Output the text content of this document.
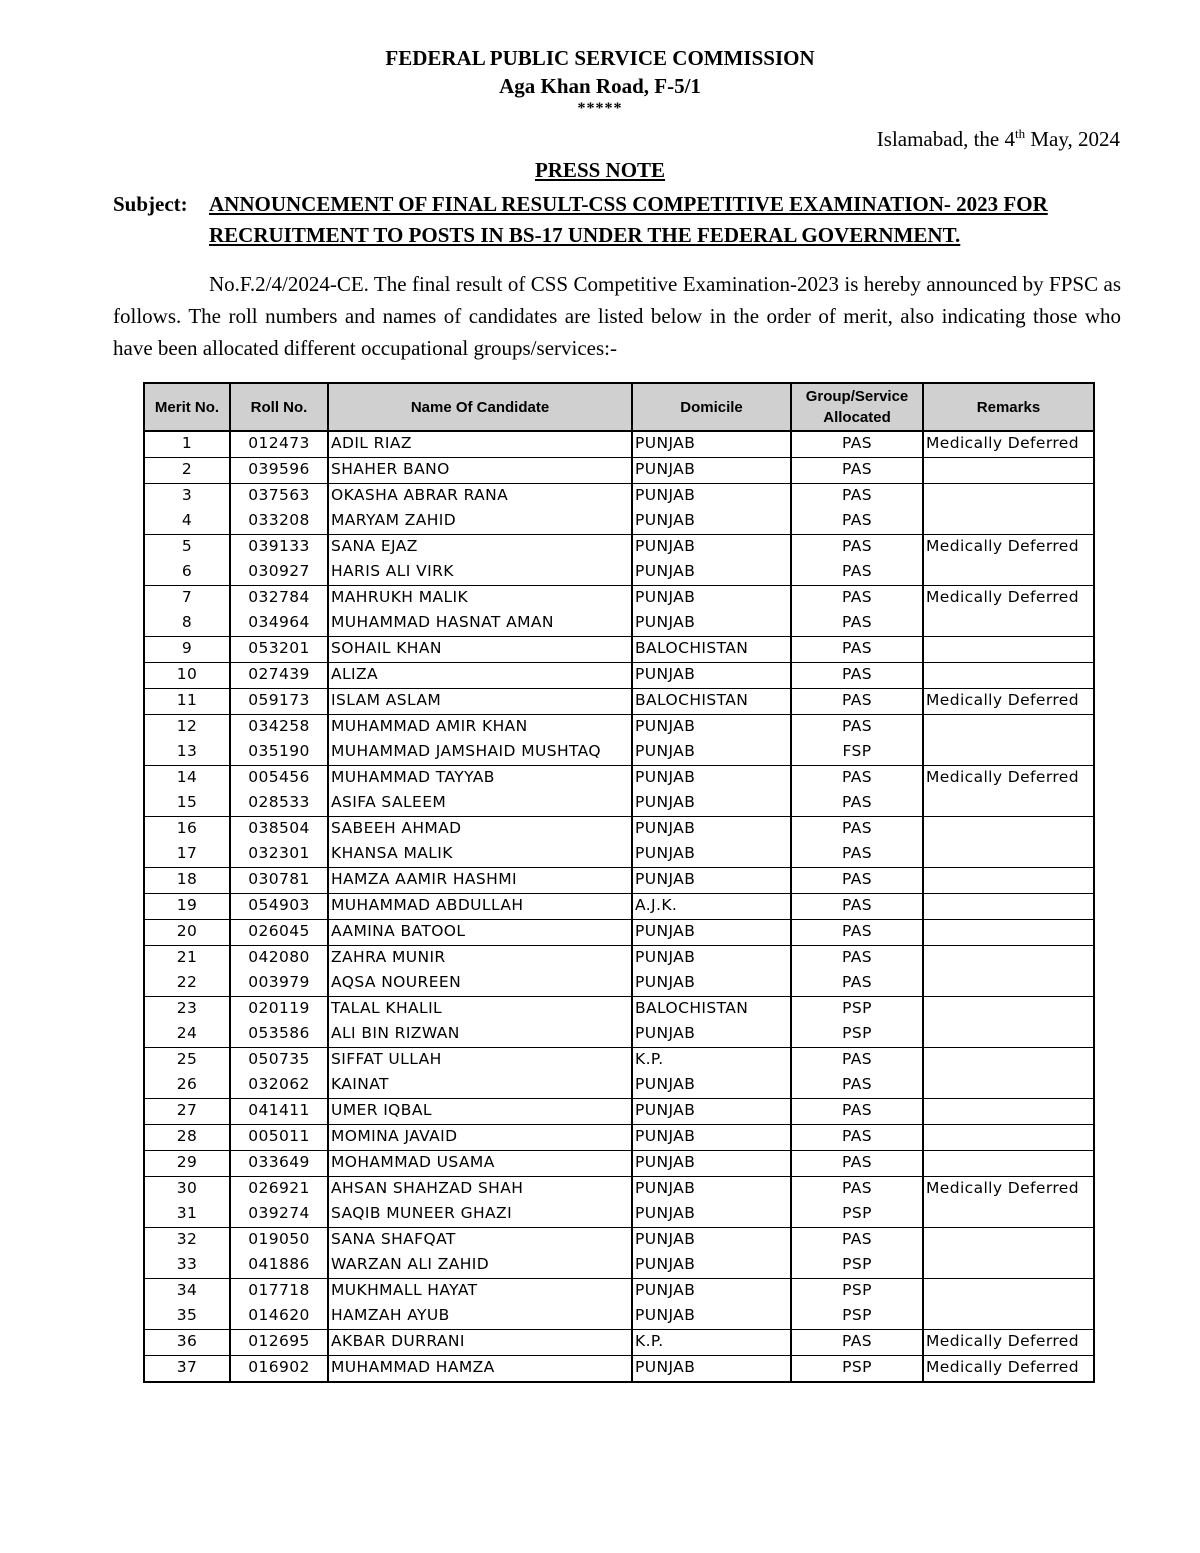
FEDERAL PUBLIC SERVICE COMMISSION
Aga Khan Road, F-5/1
*****
Islamabad, the 4th May, 2024
PRESS NOTE
Subject: ANNOUNCEMENT OF FINAL RESULT-CSS COMPETITIVE EXAMINATION- 2023 FOR RECRUITMENT TO POSTS IN BS-17 UNDER THE FEDERAL GOVERNMENT.
No.F.2/4/2024-CE. The final result of CSS Competitive Examination-2023 is hereby announced by FPSC as follows. The roll numbers and names of candidates are listed below in the order of merit, also indicating those who have been allocated different occupational groups/services:-
Merit No.	Roll No.	Name Of Candidate	Domicile	Group/Service Allocated	Remarks
1	012473	ADIL RIAZ	PUNJAB	PAS	Medically Deferred
2	039596	SHAHER BANO	PUNJAB	PAS	
3	037563	OKASHA ABRAR RANA	PUNJAB	PAS	
4	033208	MARYAM ZAHID	PUNJAB	PAS	
5	039133	SANA EJAZ	PUNJAB	PAS	Medically Deferred
6	030927	HARIS ALI VIRK	PUNJAB	PAS	
7	032784	MAHRUKH MALIK	PUNJAB	PAS	Medically Deferred
8	034964	MUHAMMAD HASNAT AMAN	PUNJAB	PAS	
9	053201	SOHAIL KHAN	BALOCHISTAN	PAS	
10	027439	ALIZA	PUNJAB	PAS	
11	059173	ISLAM ASLAM	BALOCHISTAN	PAS	Medically Deferred
12	034258	MUHAMMAD AMIR KHAN	PUNJAB	PAS	
13	035190	MUHAMMAD JAMSHAID MUSHTAQ	PUNJAB	FSP	
14	005456	MUHAMMAD TAYYAB	PUNJAB	PAS	Medically Deferred
15	028533	ASIFA SALEEM	PUNJAB	PAS	
16	038504	SABEEH AHMAD	PUNJAB	PAS	
17	032301	KHANSA MALIK	PUNJAB	PAS	
18	030781	HAMZA AAMIR HASHMI	PUNJAB	PAS	
19	054903	MUHAMMAD ABDULLAH	A.J.K.	PAS	
20	026045	AAMINA BATOOL	PUNJAB	PAS	
21	042080	ZAHRA MUNIR	PUNJAB	PAS	
22	003979	AQSA NOUREEN	PUNJAB	PAS	
23	020119	TALAL KHALIL	BALOCHISTAN	PSP	
24	053586	ALI BIN RIZWAN	PUNJAB	PSP	
25	050735	SIFFAT ULLAH	K.P.	PAS	
26	032062	KAINAT	PUNJAB	PAS	
27	041411	UMER IQBAL	PUNJAB	PAS	
28	005011	MOMINA JAVAID	PUNJAB	PAS	
29	033649	MOHAMMAD USAMA	PUNJAB	PAS	
30	026921	AHSAN SHAHZAD SHAH	PUNJAB	PAS	Medically Deferred
31	039274	SAQIB MUNEER GHAZI	PUNJAB	PSP	
32	019050	SANA SHAFQAT	PUNJAB	PAS	
33	041886	WARZAN ALI ZAHID	PUNJAB	PSP	
34	017718	MUKHMALL HAYAT	PUNJAB	PSP	
35	014620	HAMZAH AYUB	PUNJAB	PSP	
36	012695	AKBAR DURRANI	K.P.	PAS	Medically Deferred
37	016902	MUHAMMAD HAMZA	PUNJAB	PSP	Medically Deferred
